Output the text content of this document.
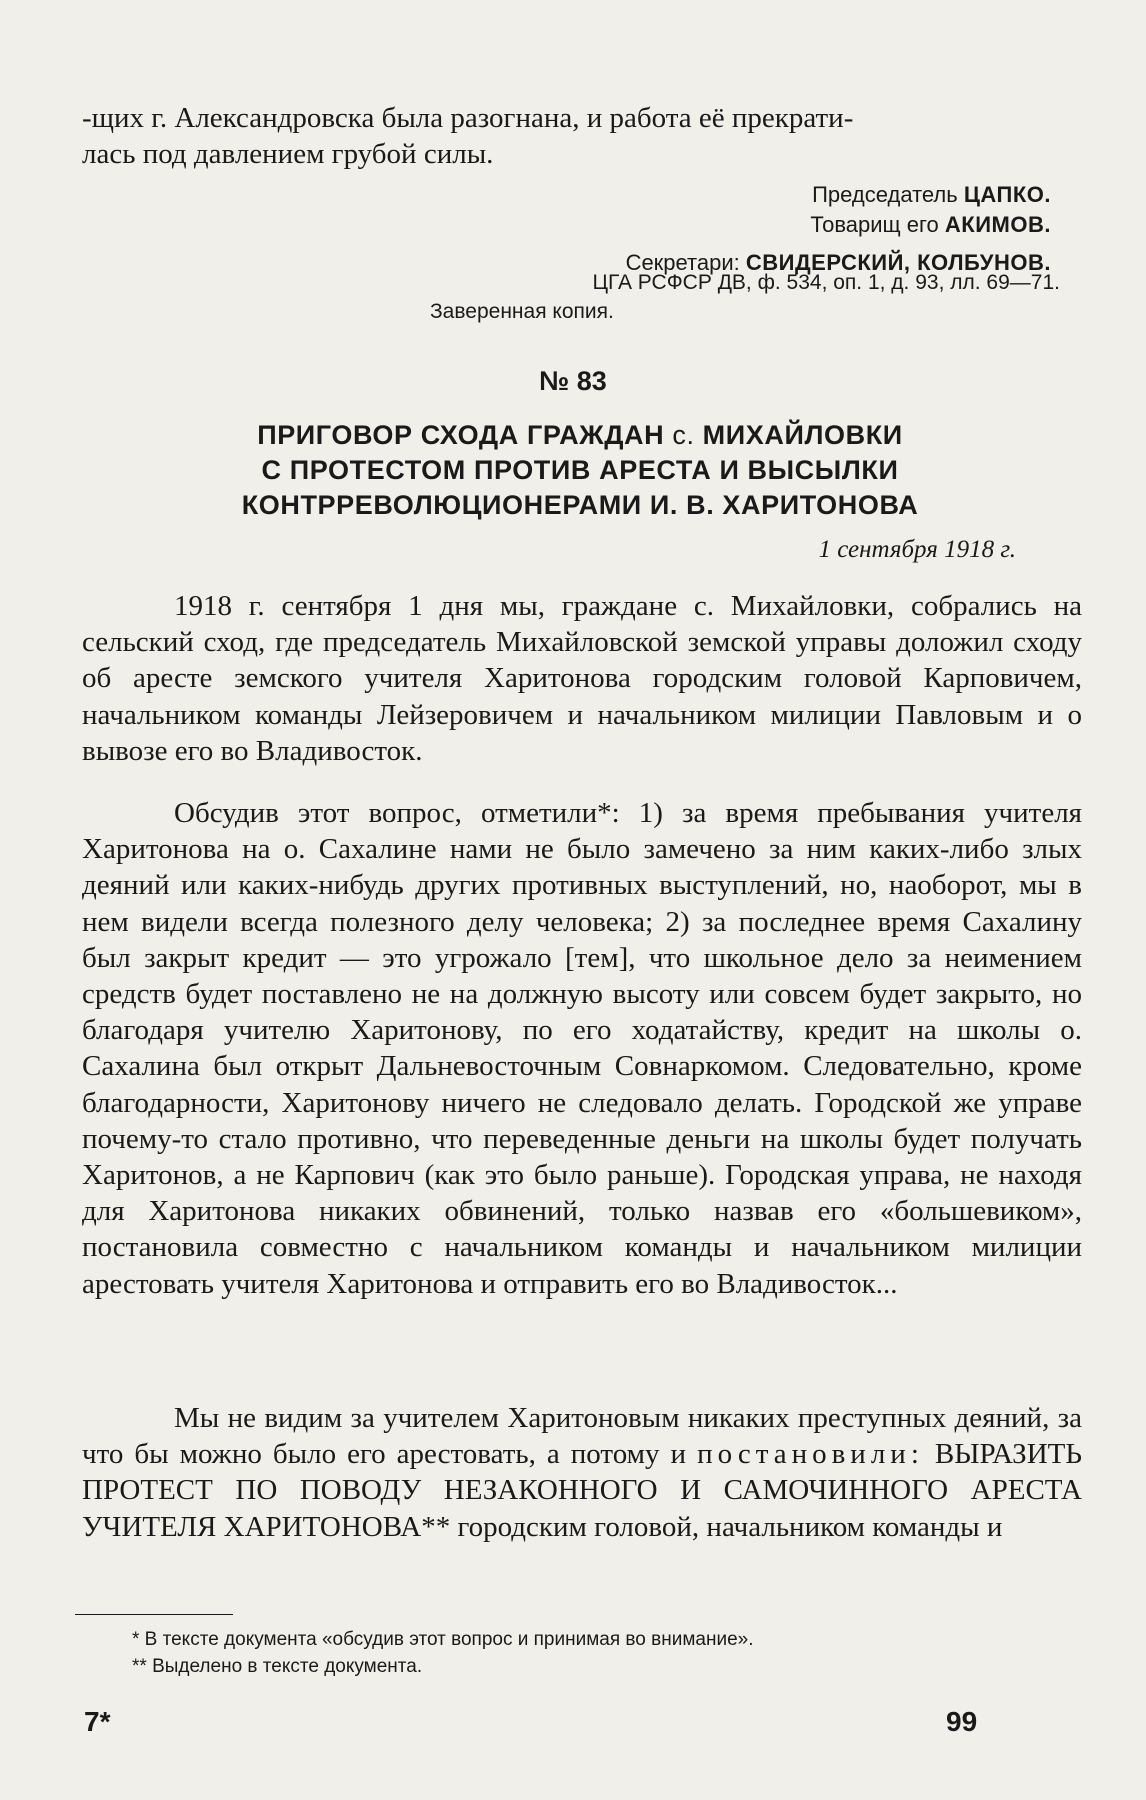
-щих г. Александровска была разогнана, и работа её прекрати-
лась под давлением грубой силы.

Председатель ЦАПКО.
Товарищ его АКИМОВ.
Секретари: СВИДЕРСКИЙ, КОЛБУНОВ.
ЦГА РСФСР ДВ, ф. 534, оп. 1, д. 93, лл. 69—71.
Заверенная копия.
№ 83
ПРИГОВОР СХОДА ГРАЖДАН с. МИХАЙЛОВКИ
С ПРОТЕСТОМ ПРОТИВ АРЕСТА И ВЫСЫЛКИ
КОНТРРЕВОЛЮЦИОНЕРАМИ И. В. ХАРИТОНОВА
1 сентября 1918 г.

1918 г. сентября 1 дня мы, граждане с. Михайловки, собрались на сельский сход, где председатель Михайловской земской управы доложил сходу об аресте земского учителя Харитонова городским головой Карповичем, начальником команды Лейзеровичем и начальником милиции Павловым и о вывозе его во Владивосток.

Обсудив этот вопрос, отметили*: 1) за время пребывания учителя Харитонова на о. Сахалине нами не было замечено за ним каких-либо злых деяний или каких-нибудь других противных выступлений, но, наоборот, мы в нем видели всегда полезного делу человека; 2) за последнее время Сахалину был закрыт кредит — это угрожало [тем], что школьное дело за неимением средств будет поставлено не на должную высоту или совсем будет закрыто, но благодаря учителю Харитонову, по его ходатайству, кредит на школы о. Сахалина был открыт Дальневосточным Совнаркомом. Следовательно, кроме благодарности, Харитонову ничего не следовало делать. Городской же управе почему-то стало противно, что переведенные деньги на школы будет получать Харитонов, а не Карпович (как это было раньше). Городская управа, не находя для Харитонова никаких обвинений, только назвав его «большевиком», постановила совместно с начальником команды и начальником милиции арестовать учителя Харитонова и отправить его во Владивосток...

Мы не видим за учителем Харитоновым никаких преступных деяний, за что бы можно было его арестовать, а потому и постановили: ВЫРАЗИТЬ ПРОТЕСТ ПО ПОВОДУ НЕЗАКОННОГО И САМОЧИННОГО АРЕСТА УЧИТЕЛЯ ХАРИТОНОВА** городским головой, начальником команды и

* В тексте документа «обсудив этот вопрос и принимая во внимание».
** Выделено в тексте документа.
7*	99
